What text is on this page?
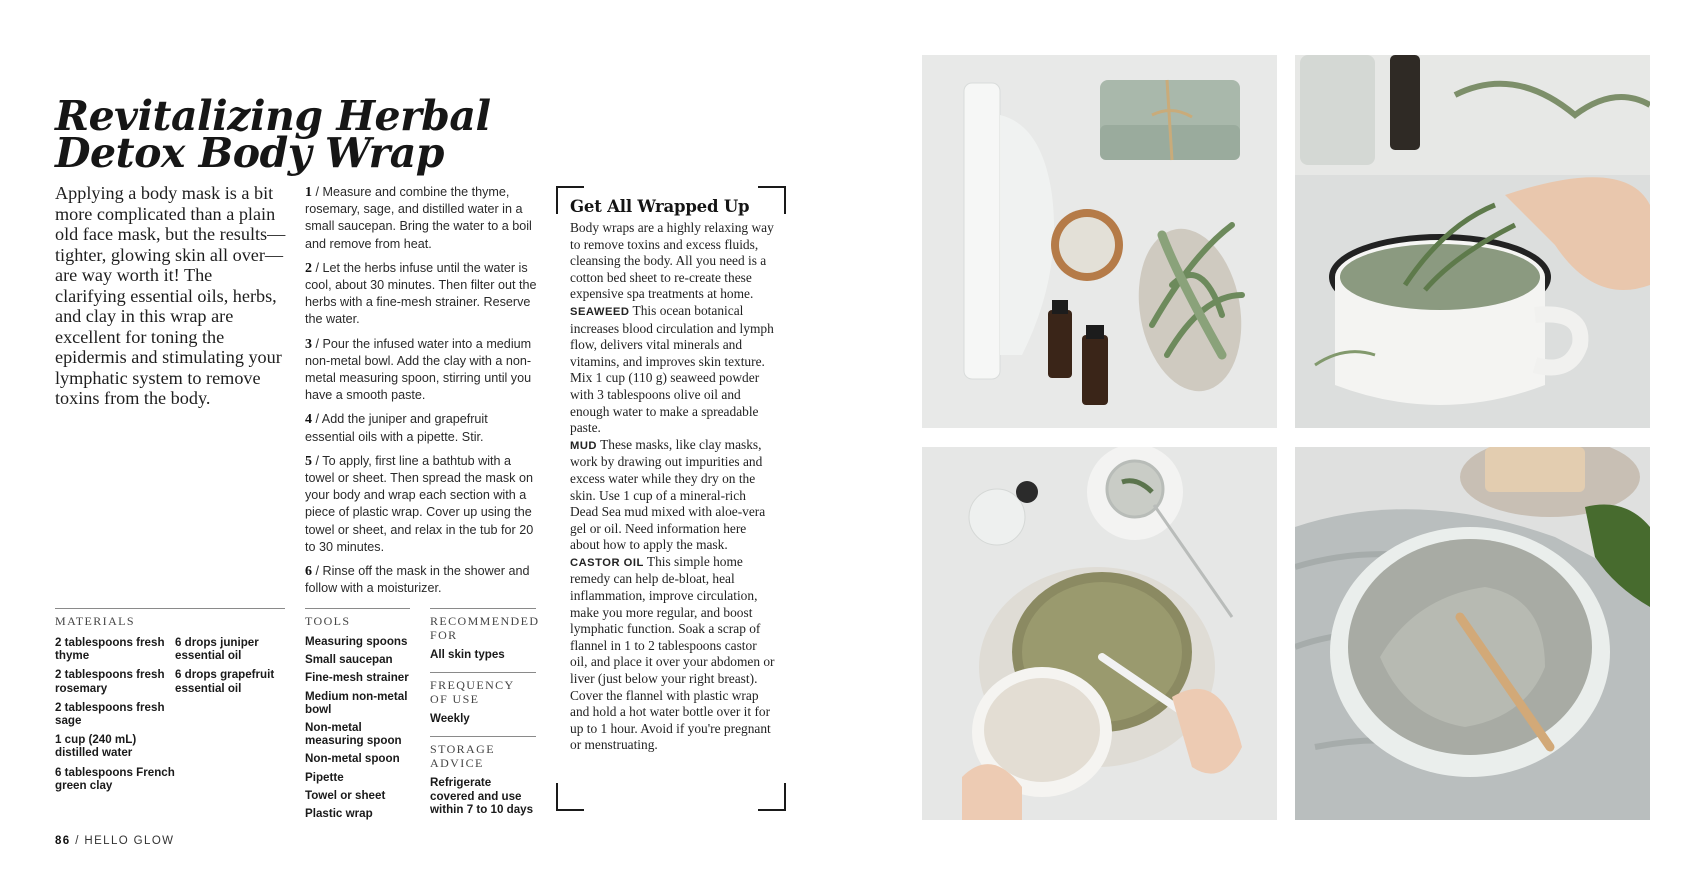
Revitalizing Herbal
Detox Body Wrap
Applying a body mask is a bit more complicated than a plain old face mask, but the results—tighter, glowing skin all over—are way worth it! The clarifying essential oils, herbs, and clay in this wrap are excellent for toning the epidermis and stimulating your lymphatic system to remove toxins from the body.

1 / Measure and combine the thyme, rosemary, sage, and distilled water in a small saucepan. Bring the water to a boil and remove from heat.

2 / Let the herbs infuse until the water is cool, about 30 minutes. Then filter out the herbs with a fine-mesh strainer. Reserve the water.

3 / Pour the infused water into a medium non-metal bowl. Add the clay with a non-metal measuring spoon, stirring until you have a smooth paste.

4 / Add the juniper and grapefruit essential oils with a pipette. Stir.

5 / To apply, first line a bathtub with a towel or sheet. Then spread the mask on your body and wrap each section with a piece of plastic wrap. Cover up using the towel or sheet, and relax in the tub for 20 to 30 minutes.

6 / Rinse off the mask in the shower and follow with a moisturizer.

Get All Wrapped Up

Body wraps are a highly relaxing way to remove toxins and excess fluids, cleansing the body. All you need is a cotton bed sheet to re-create these expensive spa treatments at home.

SEAWEED This ocean botanical increases blood circulation and lymph flow, delivers vital minerals and vitamins, and improves skin texture. Mix 1 cup (110 g) seaweed powder with 3 tablespoons olive oil and enough water to make a spreadable paste.

MUD These masks, like clay masks, work by drawing out impurities and excess water while they dry on the skin. Use 1 cup of a mineral-rich Dead Sea mud mixed with aloe-vera gel or oil. Need information here about how to apply the mask.

CASTOR OIL This simple home remedy can help de-bloat, heal inflammation, improve circulation, make you more regular, and boost lymphatic function. Soak a scrap of flannel in 1 to 2 tablespoons castor oil, and place it over your abdomen or liver (just below your right breast). Cover the flannel with plastic wrap and hold a hot water bottle over it for up to 1 hour. Avoid if you're pregnant or menstruating.

MATERIALS
2 tablespoons fresh thyme
2 tablespoons fresh rosemary
2 tablespoons fresh sage
1 cup (240 mL) distilled water
6 tablespoons French green clay
6 drops juniper essential oil
6 drops grapefruit essential oil
TOOLS
Measuring spoons
Small saucepan
Fine-mesh strainer
Medium non-metal bowl
Non-metal measuring spoon
Non-metal spoon
Pipette
Towel or sheet
Plastic wrap
RECOMMENDED FOR
All skin types
FREQUENCY OF USE
Weekly
STORAGE ADVICE
Refrigerate covered and use within 7 to 10 days
86 / HELLO GLOW
